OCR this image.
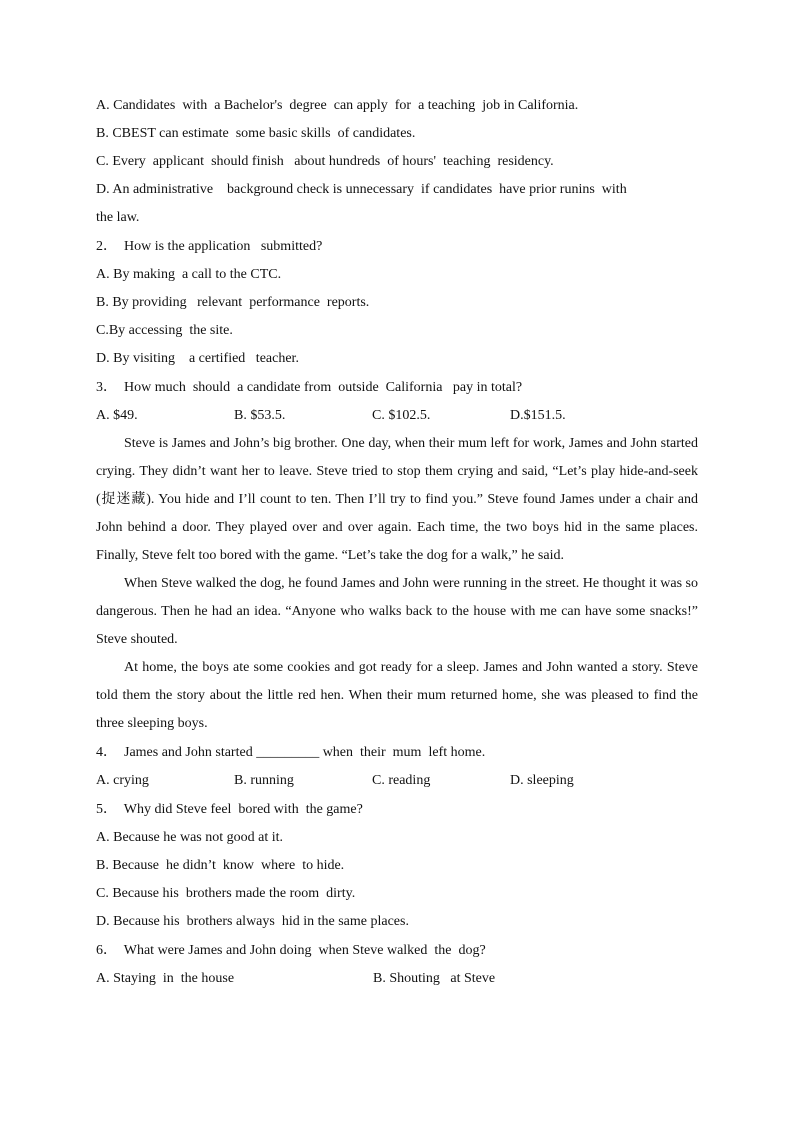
A. Candidates  with  a Bachelor's  degree  can apply  for  a teaching  job in California.
B. CBEST can estimate  some basic skills  of candidates.
C. Every  applicant  should finish   about hundreds  of hours'  teaching  residency.
D. An administrative    background check is unnecessary  if candidates  have prior runins  with
the law.
2．  How is the application   submitted?
A. By making  a call to the CTC.
B. By providing   relevant  performance  reports.
C.By accessing  the site.
D. By visiting    a certified   teacher.
3．  How much  should  a candidate from  outside  California   pay in total?
A. $49.	B. $53.5.	C. $102.5.	D.$151.5.

Steve is James and John’s big brother. One day, when their mum left for work, James and John started crying. They didn’t want her to leave. Steve tried to stop them crying and said, “Let’s play hide-and-seek (捉迷藏). You hide and I’ll count to ten. Then I’ll try to find you.” Steve found James under a chair and John behind a door. They played over and over again. Each time, the two boys hid in the same places. Finally, Steve felt too bored with the game. “Let’s take the dog for a walk,” he said.

When Steve walked the dog, he found James and John were running in the street. He thought it was so dangerous. Then he had an idea. “Anyone who walks back to the house with me can have some snacks!” Steve shouted.

At home, the boys ate some cookies and got ready for a sleep. James and John wanted a story. Steve told them the story about the little red hen. When their mum returned home, she was pleased to find the three sleeping boys.

4．  James and John started _________ when  their  mum  left home.
A. crying	B. running	C. reading	D. sleeping
5．  Why did Steve feel  bored with  the game?
A. Because he was not good at it.
B. Because  he didn’t  know  where  to hide.
C. Because his  brothers made the room  dirty.
D. Because his  brothers always  hid in the same places.
6．  What were James and John doing  when Steve walked  the  dog?
A. Staying  in  the house	B. Shouting   at Steve
